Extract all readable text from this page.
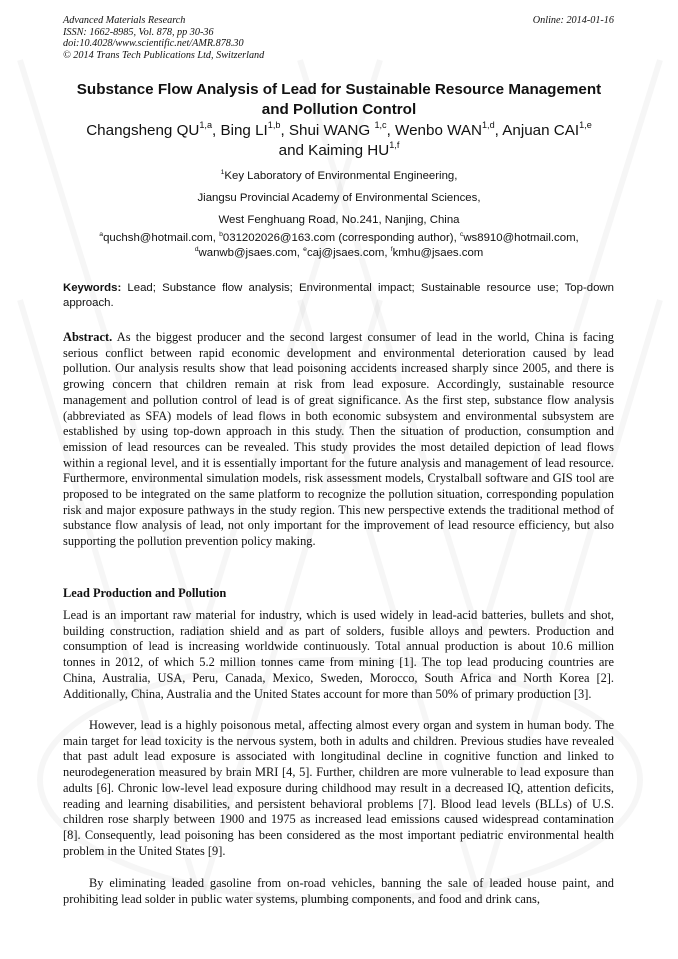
Advanced Materials Research
ISSN: 1662-8985, Vol. 878, pp 30-36
doi:10.4028/www.scientific.net/AMR.878.30
© 2014 Trans Tech Publications Ltd, Switzerland
Online: 2014-01-16
Substance Flow Analysis of Lead for Sustainable Resource Management
and Pollution Control
Changsheng QU$^{1,a}$, Bing LI$^{1,b}$, Shui WANG $^{1,c}$, Wenbo WAN$^{1,d}$, Anjuan CAI$^{1,e}$
and Kaiming HU$^{1,f}$
$^1$Key Laboratory of Environmental Engineering,
Jiangsu Provincial Academy of Environmental Sciences,
West Fenghuang Road, No.241, Nanjing, China
$^a$quchsh@hotmail.com, $^b$031202026@163.com (corresponding author), $^c$ws8910@hotmail.com,
$^d$wanwb@jsaes.com, $^e$caj@jsaes.com, $^f$kmhu@jsaes.com
Keywords: Lead; Substance flow analysis; Environmental impact; Sustainable resource use; Top-down approach.
Abstract. As the biggest producer and the second largest consumer of lead in the world, China is facing serious conflict between rapid economic development and environmental deterioration caused by lead pollution. Our analysis results show that lead poisoning accidents increased sharply since 2005, and there is growing concern that children remain at risk from lead exposure. Accordingly, sustainable resource management and pollution control of lead is of great significance. As the first step, substance flow analysis (abbreviated as SFA) models of lead flows in both economic subsystem and environmental subsystem are established by using top-down approach in this study. Then the situation of production, consumption and emission of lead resources can be revealed. This study provides the most detailed depiction of lead flows within a regional level, and it is essentially important for the future analysis and management of lead resource. Furthermore, environmental simulation models, risk assessment models, Crystalball software and GIS tool are proposed to be integrated on the same platform to recognize the pollution situation, corresponding population risk and major exposure pathways in the study region. This new perspective extends the traditional method of substance flow analysis of lead, not only important for the improvement of lead resource efficiency, but also supporting the pollution prevention policy making.
Lead Production and Pollution

Lead is an important raw material for industry, which is used widely in lead-acid batteries, bullets and shot, building construction, radiation shield and as part of solders, fusible alloys and pewters. Production and consumption of lead is increasing worldwide continuously. Total annual production is about 10.6 million tonnes in 2012, of which 5.2 million tonnes came from mining [1]. The top lead producing countries are China, Australia, USA, Peru, Canada, Mexico, Sweden, Morocco, South Africa and North Korea [2]. Additionally, China, Australia and the United States account for more than 50% of primary production [3].

However, lead is a highly poisonous metal, affecting almost every organ and system in human body. The main target for lead toxicity is the nervous system, both in adults and children. Previous studies have revealed that past adult lead exposure is associated with longitudinal decline in cognitive function and linked to neurodegeneration measured by brain MRI [4, 5]. Further, children are more vulnerable to lead exposure than adults [6]. Chronic low-level lead exposure during childhood may result in a decreased IQ, attention deficits, reading and learning disabilities, and persistent behavioral problems [7]. Blood lead levels (BLLs) of U.S. children rose sharply between 1900 and 1975 as increased lead emissions caused widespread contamination [8]. Consequently, lead poisoning has been considered as the most important pediatric environmental health problem in the United States [9].

By eliminating leaded gasoline from on-road vehicles, banning the sale of leaded house paint, and prohibiting lead solder in public water systems, plumbing components, and food and drink cans,
